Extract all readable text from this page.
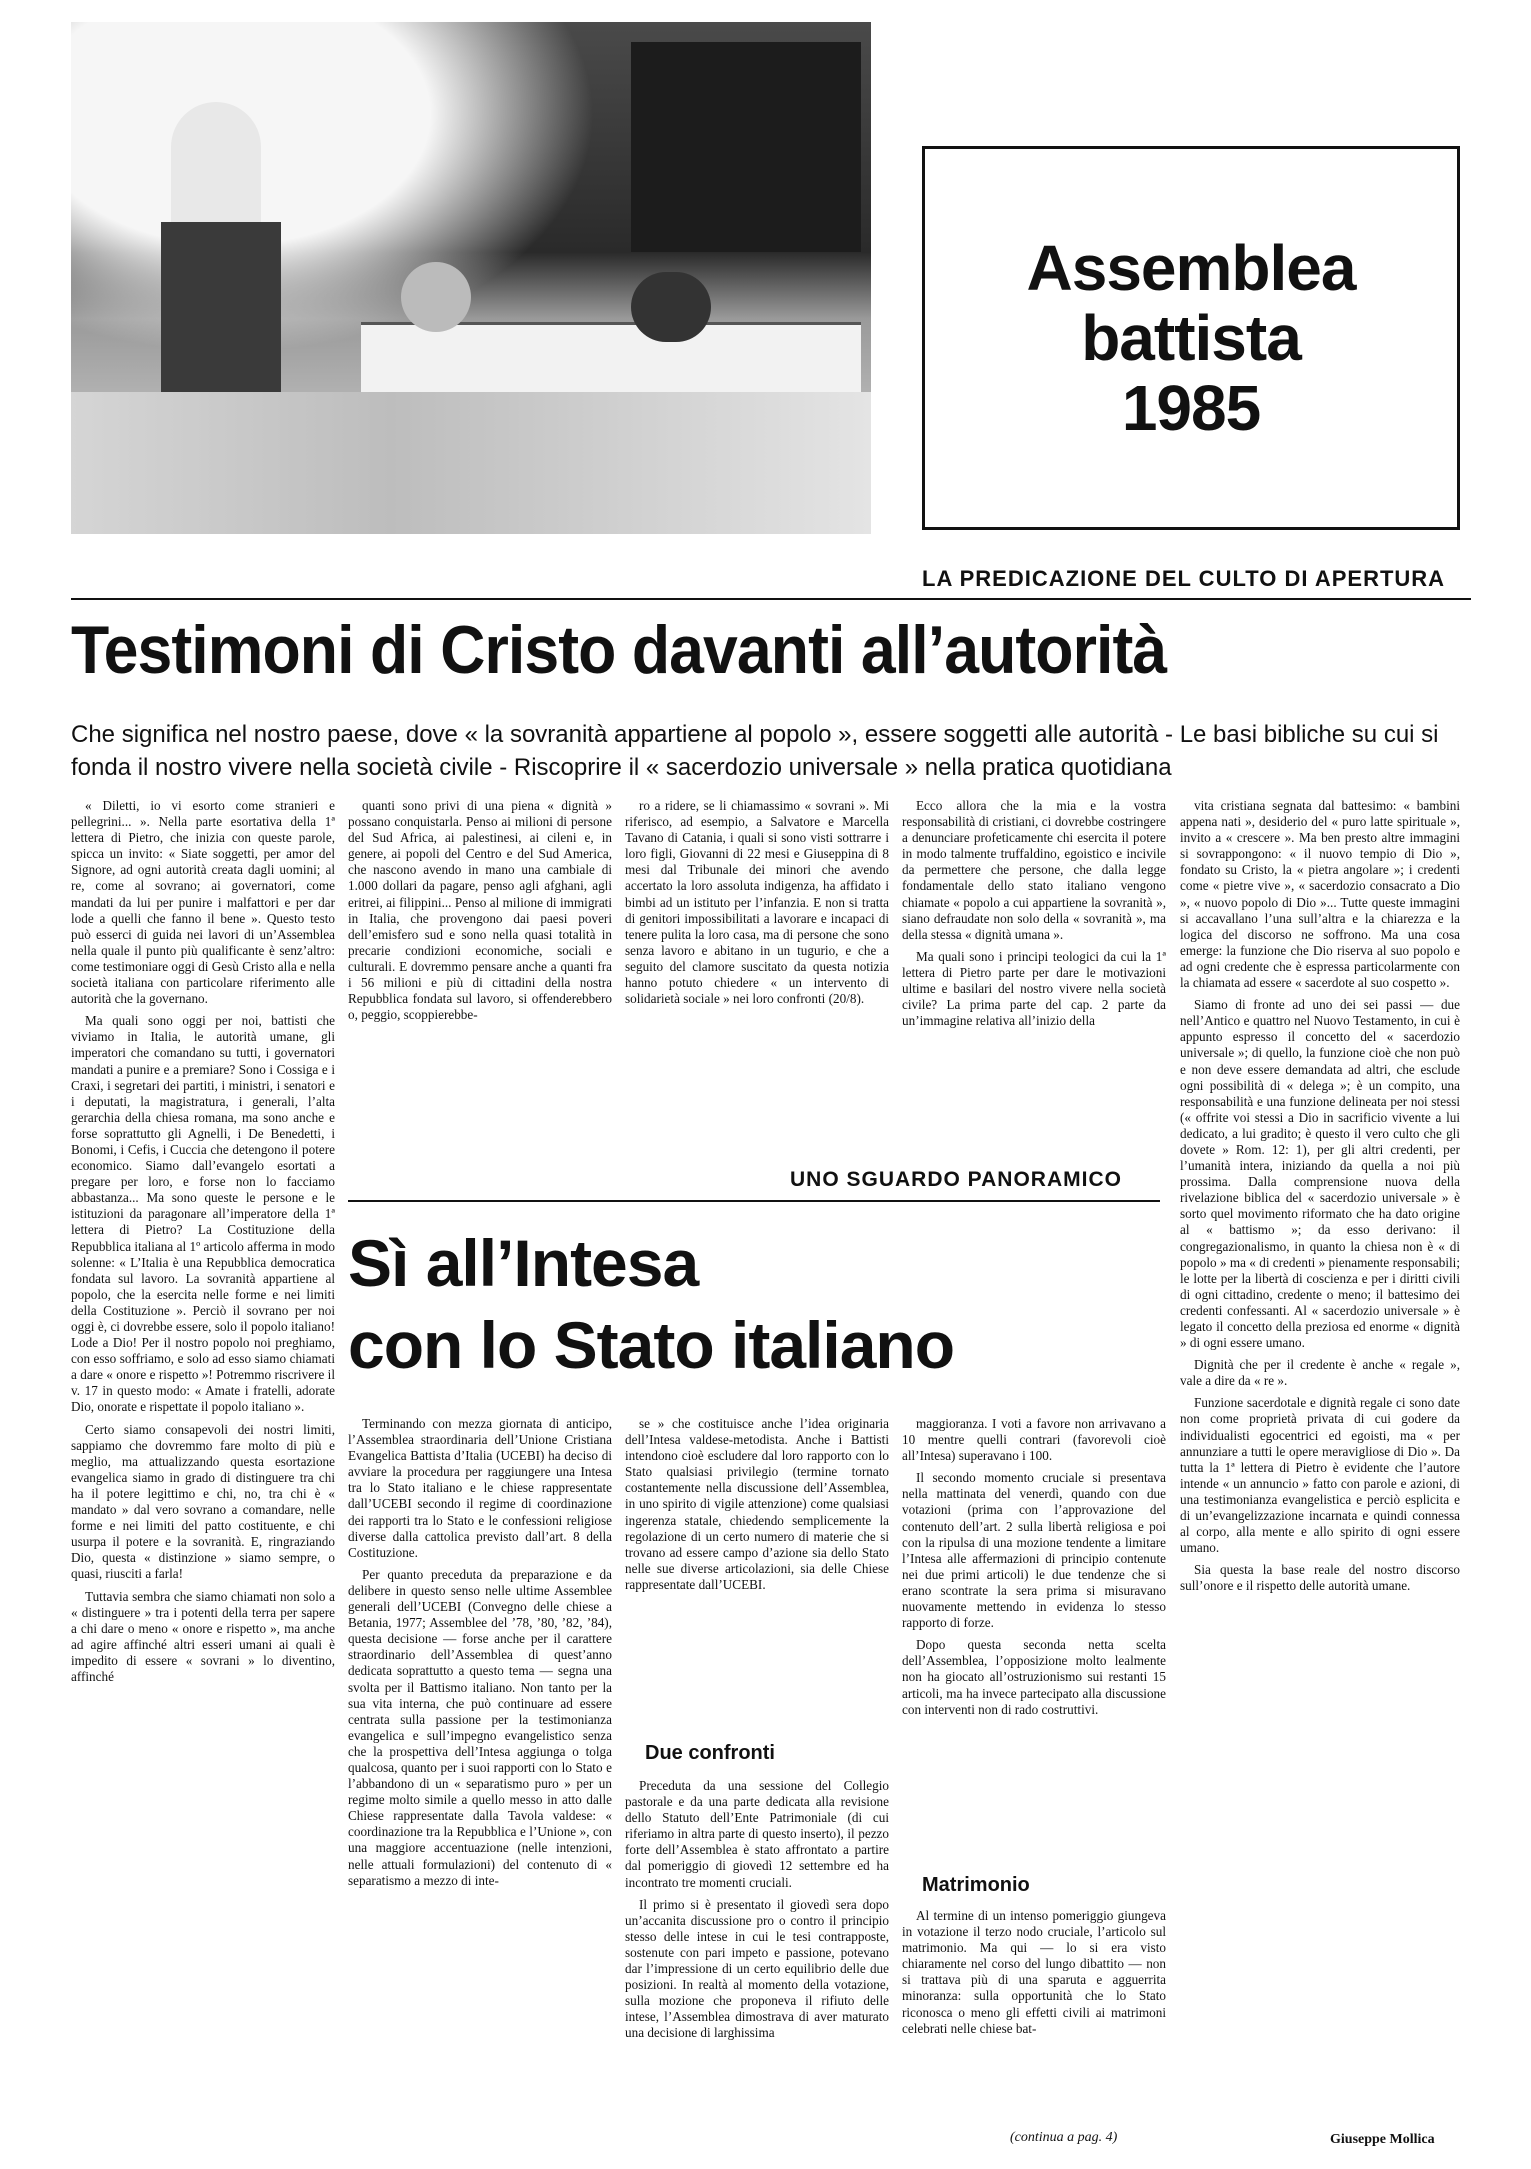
Assemblea
battista
1985
LA PREDICAZIONE DEL CULTO DI APERTURA
Testimoni di Cristo davanti all’autorità

Che significa nel nostro paese, dove « la sovranità appartiene al popolo », essere soggetti alle autorità - Le basi bibliche su cui si fonda il nostro vivere nella società civile - Riscoprire il « sacerdozio universale » nella pratica quotidiana

« Diletti, io vi esorto come stranieri e pellegrini... ». Nella parte esortativa della 1ª lettera di Pietro, che inizia con queste parole, spicca un invito: « Siate soggetti, per amor del Signore, ad ogni autorità creata dagli uomini; al re, come al sovrano; ai governatori, come mandati da lui per punire i malfattori e per dar lode a quelli che fanno il bene ». Questo testo può esserci di guida nei lavori di un’Assemblea nella quale il punto più qualificante è senz’altro: come testimoniare oggi di Gesù Cristo alla e nella società italiana con particolare riferimento alle autorità che la governano.

Ma quali sono oggi per noi, battisti che viviamo in Italia, le autorità umane, gli imperatori che comandano su tutti, i governatori mandati a punire e a premiare? Sono i Cossiga e i Craxi, i segretari dei partiti, i ministri, i senatori e i deputati, la magistratura, i generali, l’alta gerarchia della chiesa romana, ma sono anche e forse soprattutto gli Agnelli, i De Benedetti, i Bonomi, i Cefis, i Cuccia che detengono il potere economico. Siamo dall’evangelo esortati a pregare per loro, e forse non lo facciamo abbastanza... Ma sono queste le persone e le istituzioni da paragonare all’imperatore della 1ª lettera di Pietro? La Costituzione della Repubblica italiana al 1º articolo afferma in modo solenne: « L’Italia è una Repubblica democratica fondata sul lavoro. La sovranità appartiene al popolo, che la esercita nelle forme e nei limiti della Costituzione ». Perciò il sovrano per noi oggi è, ci dovrebbe essere, solo il popolo italiano! Lode a Dio! Per il nostro popolo noi preghiamo, con esso soffriamo, e solo ad esso siamo chiamati a dare « onore e rispetto »! Potremmo riscrivere il v. 17 in questo modo: « Amate i fratelli, adorate Dio, onorate e rispettate il popolo italiano ».

Certo siamo consapevoli dei nostri limiti, sappiamo che dovremmo fare molto di più e meglio, ma attualizzando questa esortazione evangelica siamo in grado di distinguere tra chi ha il potere legittimo e chi, no, tra chi è « mandato » dal vero sovrano a comandare, nelle forme e nei limiti del patto costituente, e chi usurpa il potere e la sovranità. E, ringraziando Dio, questa « distinzione » siamo sempre, o quasi, riusciti a farla!

Tuttavia sembra che siamo chiamati non solo a « distinguere » tra i potenti della terra per sapere a chi dare o meno « onore e rispetto », ma anche ad agire affinché altri esseri umani ai quali è impedito di essere « sovrani » lo diventino, affinché

quanti sono privi di una piena « dignità » possano conquistarla. Penso ai milioni di persone del Sud Africa, ai palestinesi, ai cileni e, in genere, ai popoli del Centro e del Sud America, che nascono avendo in mano una cambiale di 1.000 dollari da pagare, penso agli afghani, agli eritrei, ai filippini... Penso al milione di immigrati in Italia, che provengono dai paesi poveri dell’emisfero sud e sono nella quasi totalità in precarie condizioni economiche, sociali e culturali. E dovremmo pensare anche a quanti fra i 56 milioni e più di cittadini della nostra Repubblica fondata sul lavoro, si offenderebbero o, peggio, scoppierebbe-

ro a ridere, se li chiamassimo « sovrani ». Mi riferisco, ad esempio, a Salvatore e Marcella Tavano di Catania, i quali si sono visti sottrarre i loro figli, Giovanni di 22 mesi e Giuseppina di 8 mesi dal Tribunale dei minori che avendo accertato la loro assoluta indigenza, ha affidato i bimbi ad un istituto per l’infanzia. E non si tratta di genitori impossibilitati a lavorare e incapaci di tenere pulita la loro casa, ma di persone che sono senza lavoro e abitano in un tugurio, e che a seguito del clamore suscitato da questa notizia hanno potuto chiedere « un intervento di solidarietà sociale » nei loro confronti (20/8).

Ecco allora che la mia e la vostra responsabilità di cristiani, ci dovrebbe costringere a denunciare profeticamente chi esercita il potere in modo talmente truffaldino, egoistico e incivile da permettere che persone, che dalla legge fondamentale dello stato italiano vengono chiamate « popolo a cui appartiene la sovranità », siano defraudate non solo della « sovranità », ma della stessa « dignità umana ».

Ma quali sono i principi teologici da cui la 1ª lettera di Pietro parte per dare le motivazioni ultime e basilari del nostro vivere nella società civile? La prima parte del cap. 2 parte da un’immagine relativa all’inizio della

vita cristiana segnata dal battesimo: « bambini appena nati », desiderio del « puro latte spirituale », invito a « crescere ». Ma ben presto altre immagini si sovrappongono: « il nuovo tempio di Dio », fondato su Cristo, la « pietra angolare »; i credenti come « pietre vive », « sacerdozio consacrato a Dio », « nuovo popolo di Dio »... Tutte queste immagini si accavallano l’una sull’altra e la chiarezza e la logica del discorso ne soffrono. Ma una cosa emerge: la funzione che Dio riserva al suo popolo e ad ogni credente che è espressa particolarmente con la chiamata ad essere « sacerdote al suo cospetto ».

Siamo di fronte ad uno dei sei passi — due nell’Antico e quattro nel Nuovo Testamento, in cui è appunto espresso il concetto del « sacerdozio universale »; di quello, la funzione cioè che non può e non deve essere demandata ad altri, che esclude ogni possibilità di « delega »; è un compito, una responsabilità e una funzione delineata per noi stessi (« offrite voi stessi a Dio in sacrificio vivente a lui dedicato, a lui gradito; è questo il vero culto che gli dovete » Rom. 12: 1), per gli altri credenti, per l’umanità intera, iniziando da quella a noi più prossima. Dalla comprensione nuova della rivelazione biblica del « sacerdozio universale » è sorto quel movimento riformato che ha dato origine al « battismo »; da esso derivano: il congregazionalismo, in quanto la chiesa non è « di popolo » ma « di credenti » pienamente responsabili; le lotte per la libertà di coscienza e per i diritti civili di ogni cittadino, credente o meno; il battesimo dei credenti confessanti. Al « sacerdozio universale » è legato il concetto della preziosa ed enorme « dignità » di ogni essere umano.

Dignità che per il credente è anche « regale », vale a dire da « re ».

Funzione sacerdotale e dignità regale ci sono date non come proprietà privata di cui godere da individualisti egocentrici ed egoisti, ma « per annunziare a tutti le opere meravigliose di Dio ». Da tutta la 1ª lettera di Pietro è evidente che l’autore intende « un annuncio » fatto con parole e azioni, di una testimonianza evangelistica e perciò esplicita e di un’evangelizzazione incarnata e quindi connessa al corpo, alla mente e allo spirito di ogni essere umano.

Sia questa la base reale del nostro discorso sull’onore e il rispetto delle autorità umane.

UNO SGUARDO PANORAMICO
Sì all’Intesa
con lo Stato italiano

Terminando con mezza giornata di anticipo, l’Assemblea straordinaria dell’Unione Cristiana Evangelica Battista d’Italia (UCEBI) ha deciso di avviare la procedura per raggiungere una Intesa tra lo Stato italiano e le chiese rappresentate dall’UCEBI secondo il regime di coordinazione dei rapporti tra lo Stato e le confessioni religiose diverse dalla cattolica previsto dall’art. 8 della Costituzione.

Per quanto preceduta da preparazione e da delibere in questo senso nelle ultime Assemblee generali dell’UCEBI (Convegno delle chiese a Betania, 1977; Assemblee del ’78, ’80, ’82, ’84), questa decisione — forse anche per il carattere straordinario dell’Assemblea di quest’anno dedicata soprattutto a questo tema — segna una svolta per il Battismo italiano. Non tanto per la sua vita interna, che può continuare ad essere centrata sulla passione per la testimonianza evangelica e sull’impegno evangelistico senza che la prospettiva dell’Intesa aggiunga o tolga qualcosa, quanto per i suoi rapporti con lo Stato e l’abbandono di un « separatismo puro » per un regime molto simile a quello messo in atto dalle Chiese rappresentate dalla Tavola valdese: « coordinazione tra la Repubblica e l’Unione », con una maggiore accentuazione (nelle intenzioni, nelle attuali formulazioni) del contenuto di « separatismo a mezzo di inte-

se » che costituisce anche l’idea originaria dell’Intesa valdese-metodista. Anche i Battisti intendono cioè escludere dal loro rapporto con lo Stato qualsiasi privilegio (termine tornato costantemente nella discussione dell’Assemblea, in uno spirito di vigile attenzione) come qualsiasi ingerenza statale, chiedendo semplicemente la regolazione di un certo numero di materie che si trovano ad essere campo d’azione sia dello Stato nelle sue diverse articolazioni, sia delle Chiese rappresentate dall’UCEBI.

Due confronti

Preceduta da una sessione del Collegio pastorale e da una parte dedicata alla revisione dello Statuto dell’Ente Patrimoniale (di cui riferiamo in altra parte di questo inserto), il pezzo forte dell’Assemblea è stato affrontato a partire dal pomeriggio di giovedì 12 settembre ed ha incontrato tre momenti cruciali.

Il primo si è presentato il giovedì sera dopo un’accanita discussione pro o contro il principio stesso delle intese in cui le tesi contrapposte, sostenute con pari impeto e passione, potevano dar l’impressione di un certo equilibrio delle due posizioni. In realtà al momento della votazione, sulla mozione che proponeva il rifiuto delle intese, l’Assemblea dimostrava di aver maturato una decisione di larghissima

maggioranza. I voti a favore non arrivavano a 10 mentre quelli contrari (favorevoli cioè all’Intesa) superavano i 100.

Il secondo momento cruciale si presentava nella mattinata del venerdì, quando con due votazioni (prima con l’approvazione del contenuto dell’art. 2 sulla libertà religiosa e poi con la ripulsa di una mozione tendente a limitare l’Intesa alle affermazioni di principio contenute nei due primi articoli) le due tendenze che si erano scontrate la sera prima si misuravano nuovamente mettendo in evidenza lo stesso rapporto di forze.

Dopo questa seconda netta scelta dell’Assemblea, l’opposizione molto lealmente non ha giocato all’ostruzionismo sui restanti 15 articoli, ma ha invece partecipato alla discussione con interventi non di rado costruttivi.

Matrimonio

Al termine di un intenso pomeriggio giungeva in votazione il terzo nodo cruciale, l’articolo sul matrimonio. Ma qui — lo si era visto chiaramente nel corso del lungo dibattito — non si trattava più di una sparuta e agguerrita minoranza: sulla opportunità che lo Stato riconosca o meno gli effetti civili ai matrimoni celebrati nelle chiese bat-

(continua a pag. 4)	Giuseppe Mollica
